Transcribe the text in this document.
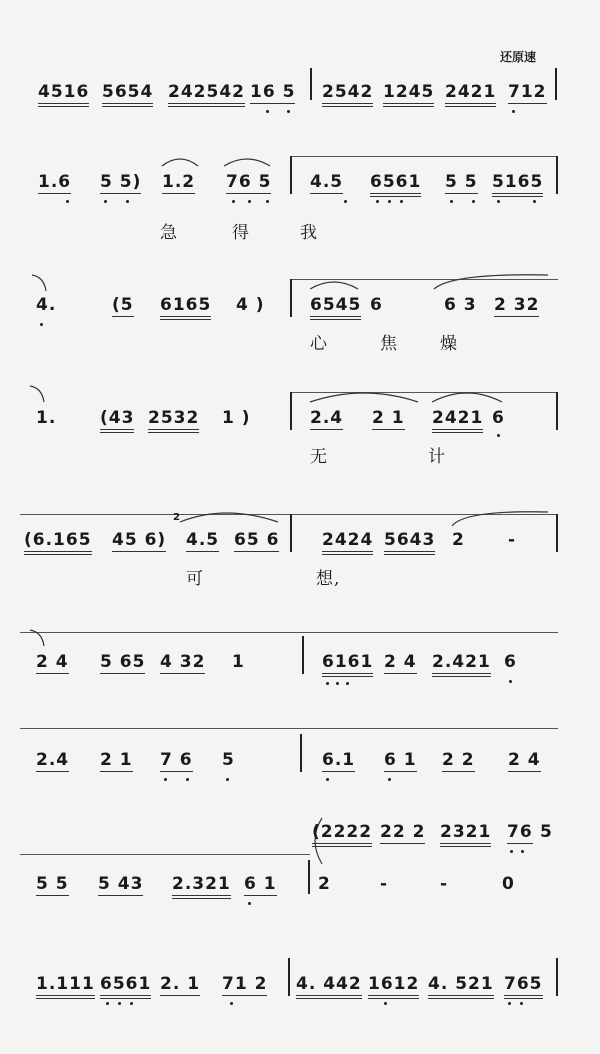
还原速
4516 5654 242542 16 5 2542 1245 2421 712
1.6 5 5) 1.2 76 5 4.5 6561 5 5 5165
急	得	我
4.	(5 6165 4 )	6545 6	6 3 2 32
心	焦 燥
1.	(43 2532 1 )	2.4 2 1 2421 6
无	计
2
(6.165 45 6) 4.5 65 6	2424 5643 2	-
可	想,
2 4 5 65 4 32 1	6161 2 4 2.421 6
2.4 2 1 7 6 5	6.1 6 1 2 2 2 4
(2222 22 2 2321 76 5
5 5 5 43 2.321 6 1 2	-	-	0
1.111 6561 2. 1 71 2 4. 442 1612 4. 521 765
